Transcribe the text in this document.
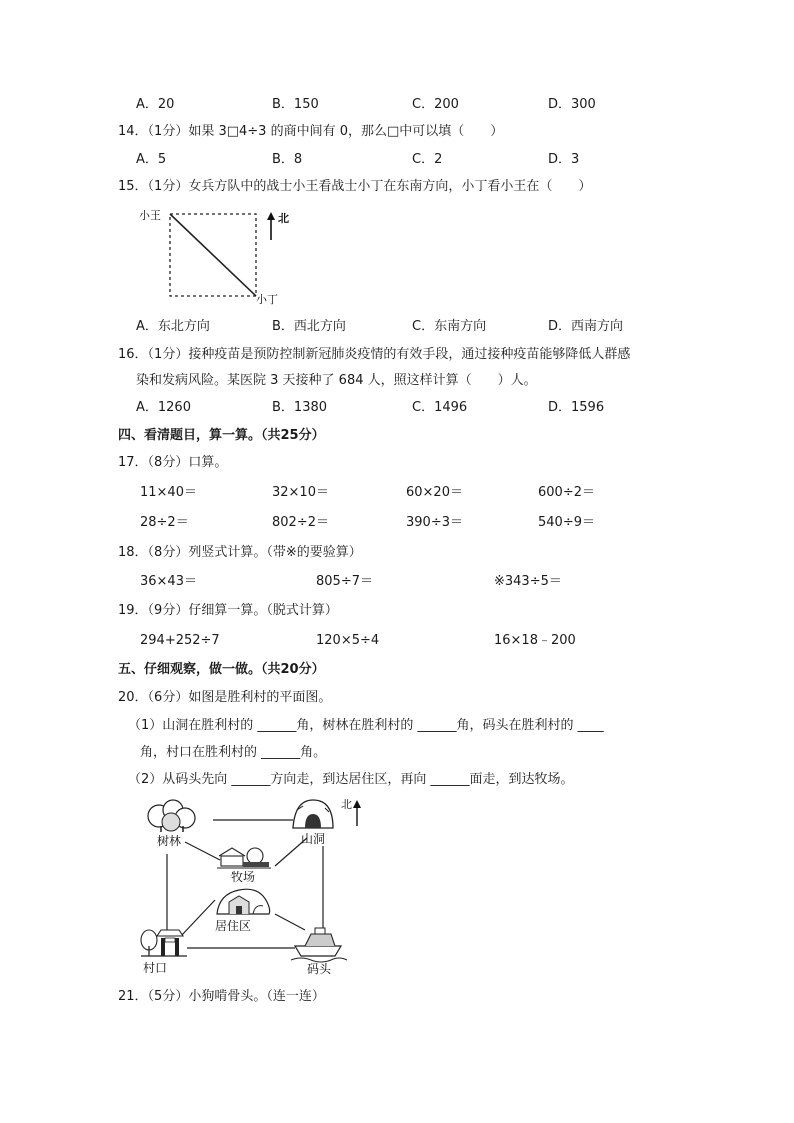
A．20	B．150	C．200	D．300
14．（1分）如果 3□4÷3 的商中间有 0，那么□中可以填（　　）
A．5	B．8	C．2	D．3
15．（1分）女兵方队中的战士小王看战士小丁在东南方向，小丁看小王在（　　）
小王
小丁
北
A．东北方向	B．西北方向	C．东南方向	D．西南方向
16．（1分）接种疫苗是预防控制新冠肺炎疫情的有效手段，通过接种疫苗能够降低人群感
染和发病风险。某医院 3 天接种了 684 人，照这样计算（　　）人。
A．1260	B．1380	C．1496	D．1596
四、看清题目，算一算。（共25分）
17．（8分）口算。
11×40＝	32×10＝	60×20＝	600÷2＝
28÷2＝	802÷2＝	390÷3＝	540÷9＝
18．（8分）列竖式计算。（带※的要验算）
36×43＝	805÷7＝	※343÷5＝
19．（9分）仔细算一算。（脱式计算）
294+252÷7	120×5÷4	16×18﹣200
五、仔细观察，做一做。（共20分）
20．（6分）如图是胜利村的平面图。
（1）山洞在胜利村的 ______角，树林在胜利村的 ______角，码头在胜利村的 ____
角，村口在胜利村的 ______角。
（2）从码头先向 ______方向走，到达居住区，再向 ______面走，到达牧场。
树林	山洞
北
牧场
居住区
村口	码头
21．（5分）小狗啃骨头。（连一连）
